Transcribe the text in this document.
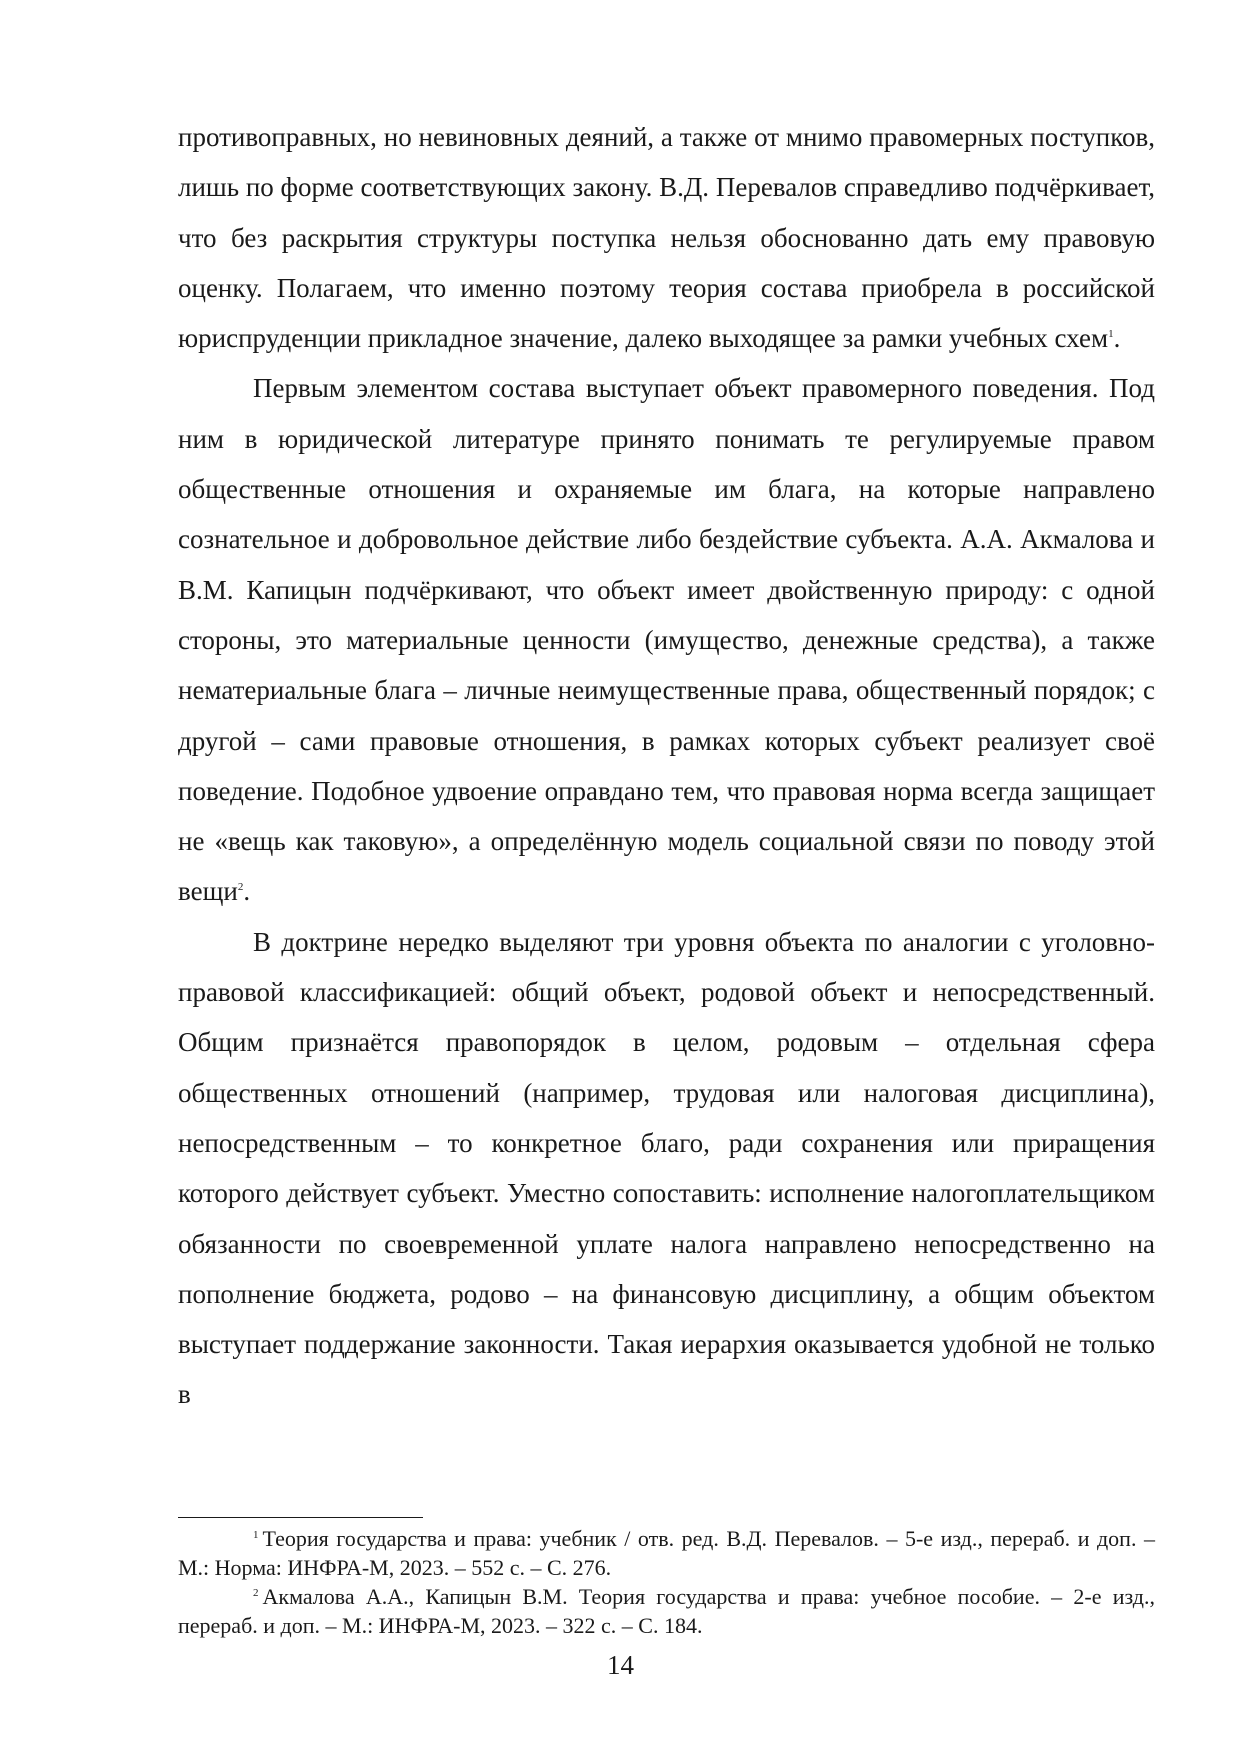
противоправных, но невиновных деяний, а также от мнимо правомерных поступков, лишь по форме соответствующих закону. В.Д. Перевалов справедливо подчёркивает, что без раскрытия структуры поступка нельзя обоснованно дать ему правовую оценку. Полагаем, что именно поэтому теория состава приобрела в российской юриспруденции прикладное значение, далеко выходящее за рамки учебных схем$^1$.

Первым элементом состава выступает объект правомерного поведения. Под ним в юридической литературе принято понимать те регулируемые правом общественные отношения и охраняемые им блага, на которые направлено сознательное и добровольное действие либо бездействие субъекта. А.А. Акмалова и В.М. Капицын подчёркивают, что объект имеет двойственную природу: с одной стороны, это материальные ценности (имущество, денежные средства), а также нематериальные блага – личные неимущественные права, общественный порядок; с другой – сами правовые отношения, в рамках которых субъект реализует своё поведение. Подобное удвоение оправдано тем, что правовая норма всегда защищает не «вещь как таковую», а определённую модель социальной связи по поводу этой вещи$^2$.

В доктрине нередко выделяют три уровня объекта по аналогии с уголовно-правовой классификацией: общий объект, родовой объект и непосредственный. Общим признаётся правопорядок в целом, родовым – отдельная сфера общественных отношений (например, трудовая или налоговая дисциплина), непосредственным – то конкретное благо, ради сохранения или приращения которого действует субъект. Уместно сопоставить: исполнение налогоплательщиком обязанности по своевременной уплате налога направлено непосредственно на пополнение бюджета, родово – на финансовую дисциплину, а общим объектом выступает поддержание законности. Такая иерархия оказывается удобной не только в

$^1$ Теория государства и права: учебник / отв. ред. В.Д. Перевалов. – 5-е изд., перераб. и доп. – М.: Норма: ИНФРА-М, 2023. – 552 с. – С. 276.

$^2$ Акмалова А.А., Капицын В.М. Теория государства и права: учебное пособие. – 2-е изд., перераб. и доп. – М.: ИНФРА-М, 2023. – 322 с. – С. 184.

14
